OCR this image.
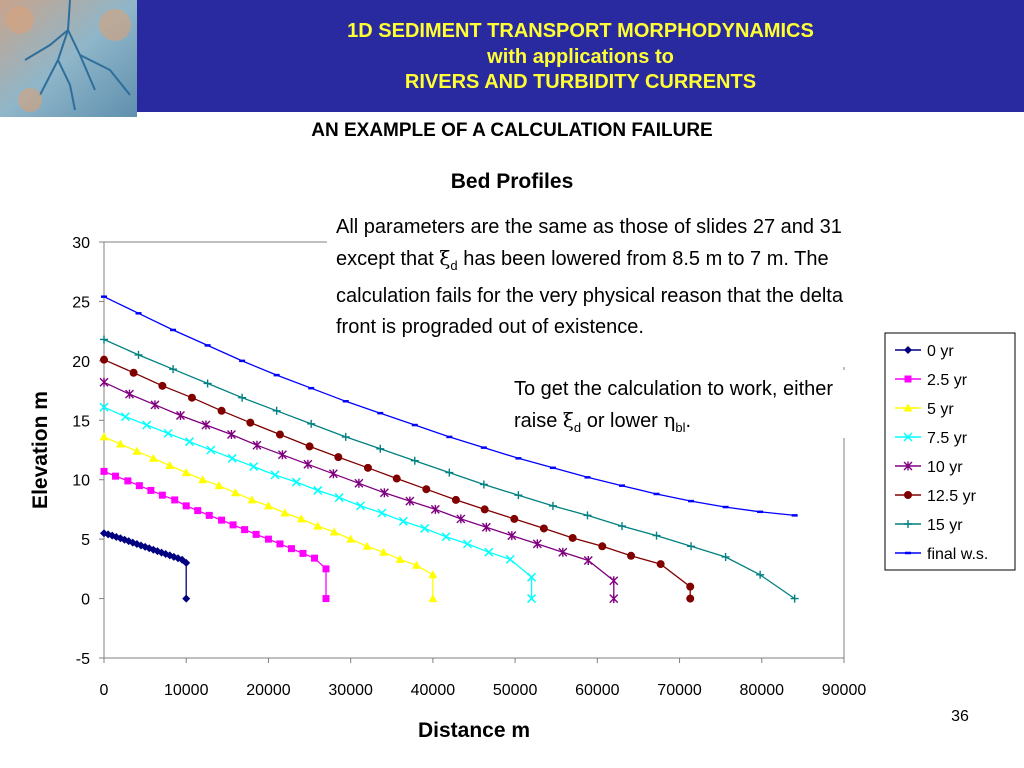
1D SEDIMENT TRANSPORT MORPHODYNAMICS
with applications to
RIVERS AND TURBIDITY CURRENTS
AN EXAMPLE OF A CALCULATION FAILURE
Bed Profiles
0	10000 20000 30000 40000 50000 60000 70000 80000 90000
30
25
20
15
10
5
0
-5
Distance m
Elevation m
0 yr
2.5 yr
5 yr
7.5 yr
10 yr
12.5 yr
15 yr
final w.s.
All parameters are the same as those of slides 27 and 31 except that $\xi_d$ has been lowered from 8.5 m to 7 m. The calculation fails for the very physical reason that the delta front is prograded out of existence.
To get the calculation to work, either raise $\xi_d$ or lower $\eta_{bl}$.
36
